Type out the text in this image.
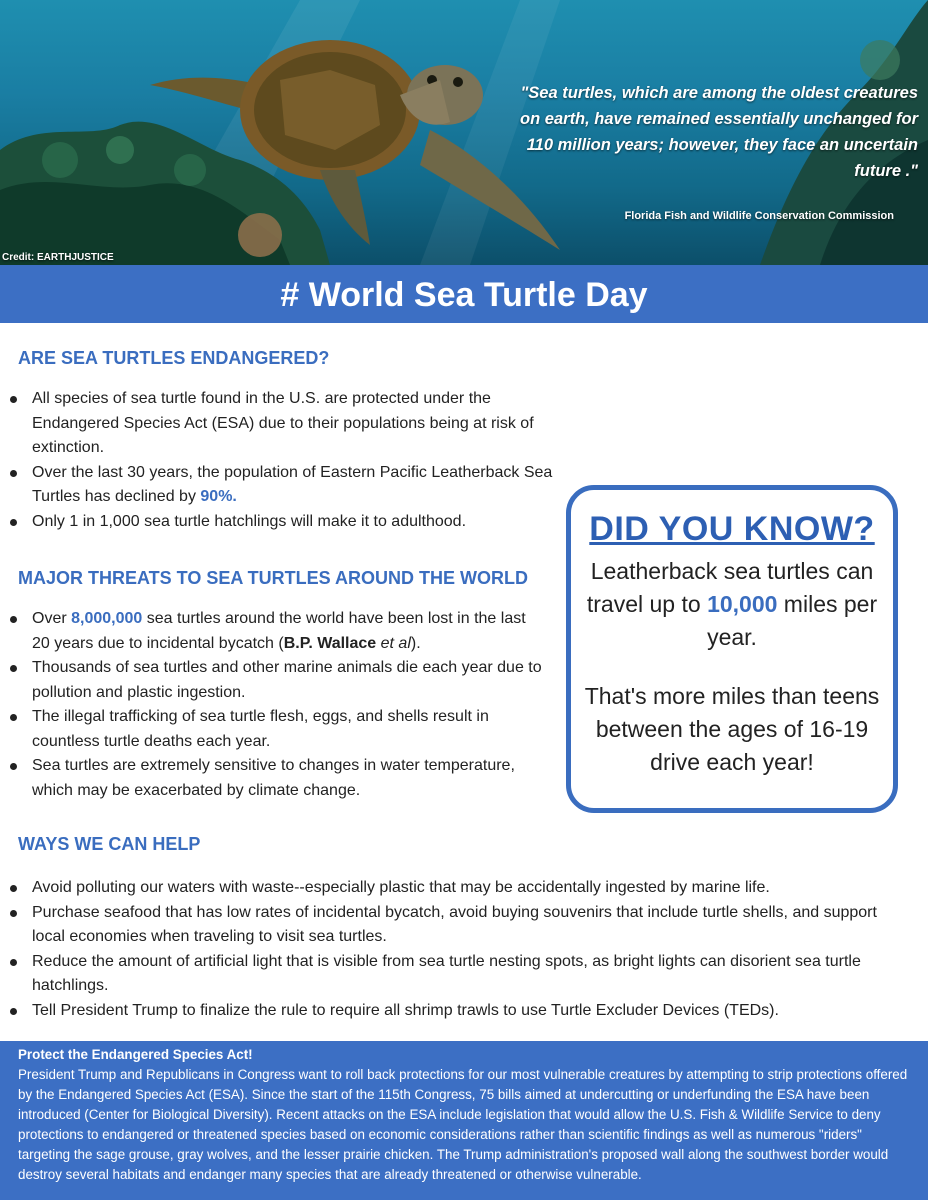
"Sea turtles, which are among the oldest creatures on earth, have remained essentially unchanged for 110 million years; however, they face an uncertain future ."
Florida Fish and Wildlife Conservation Commission
Credit: EARTHJUSTICE
# World Sea Turtle Day
ARE SEA TURTLES ENDANGERED?
All species of sea turtle found in the U.S. are protected under the Endangered Species Act (ESA) due to their populations being at risk of extinction.
Over the last 30 years, the population of Eastern Pacific Leatherback Sea Turtles has declined by 90%.
Only 1 in 1,000 sea turtle hatchlings will make it to adulthood.
MAJOR THREATS TO SEA TURTLES AROUND THE WORLD
Over 8,000,000 sea turtles around the world have been lost in the last 20 years due to incidental bycatch (B.P. Wallace et al).
Thousands of sea turtles and other marine animals die each year due to pollution and plastic ingestion.
The illegal trafficking of sea turtle flesh, eggs, and shells result in countless turtle deaths each year.
Sea turtles are extremely sensitive to changes in water temperature, which may be exacerbated by climate change.
DID YOU KNOW?
Leatherback sea turtles can travel up to 10,000 miles per year.
That's more miles than teens between the ages of 16-19 drive each year!
WAYS WE CAN HELP
Avoid polluting our waters with waste--especially plastic that may be accidentally ingested by marine life.
Purchase seafood that has low rates of incidental bycatch, avoid buying souvenirs that include turtle shells, and support local economies when traveling to visit sea turtles.
Reduce the amount of artificial light that is visible from sea turtle nesting spots, as bright lights can disorient sea turtle hatchlings.
Tell President Trump to finalize the rule to require all shrimp trawls to use Turtle Excluder Devices (TEDs).
Protect the Endangered Species Act!
President Trump and Republicans in Congress want to roll back protections for our most vulnerable creatures by attempting to strip protections offered by the Endangered Species Act (ESA). Since the start of the 115th Congress, 75 bills aimed at undercutting or underfunding the ESA have been introduced (Center for Biological Diversity). Recent attacks on the ESA include legislation that would allow the U.S. Fish & Wildlife Service to deny protections to endangered or threatened species based on economic considerations rather than scientific findings as well as numerous "riders" targeting the sage grouse, gray wolves, and the lesser prairie chicken. The Trump administration's proposed wall along the southwest border would destroy several habitats and endanger many species that are already threatened or otherwise vulnerable.
